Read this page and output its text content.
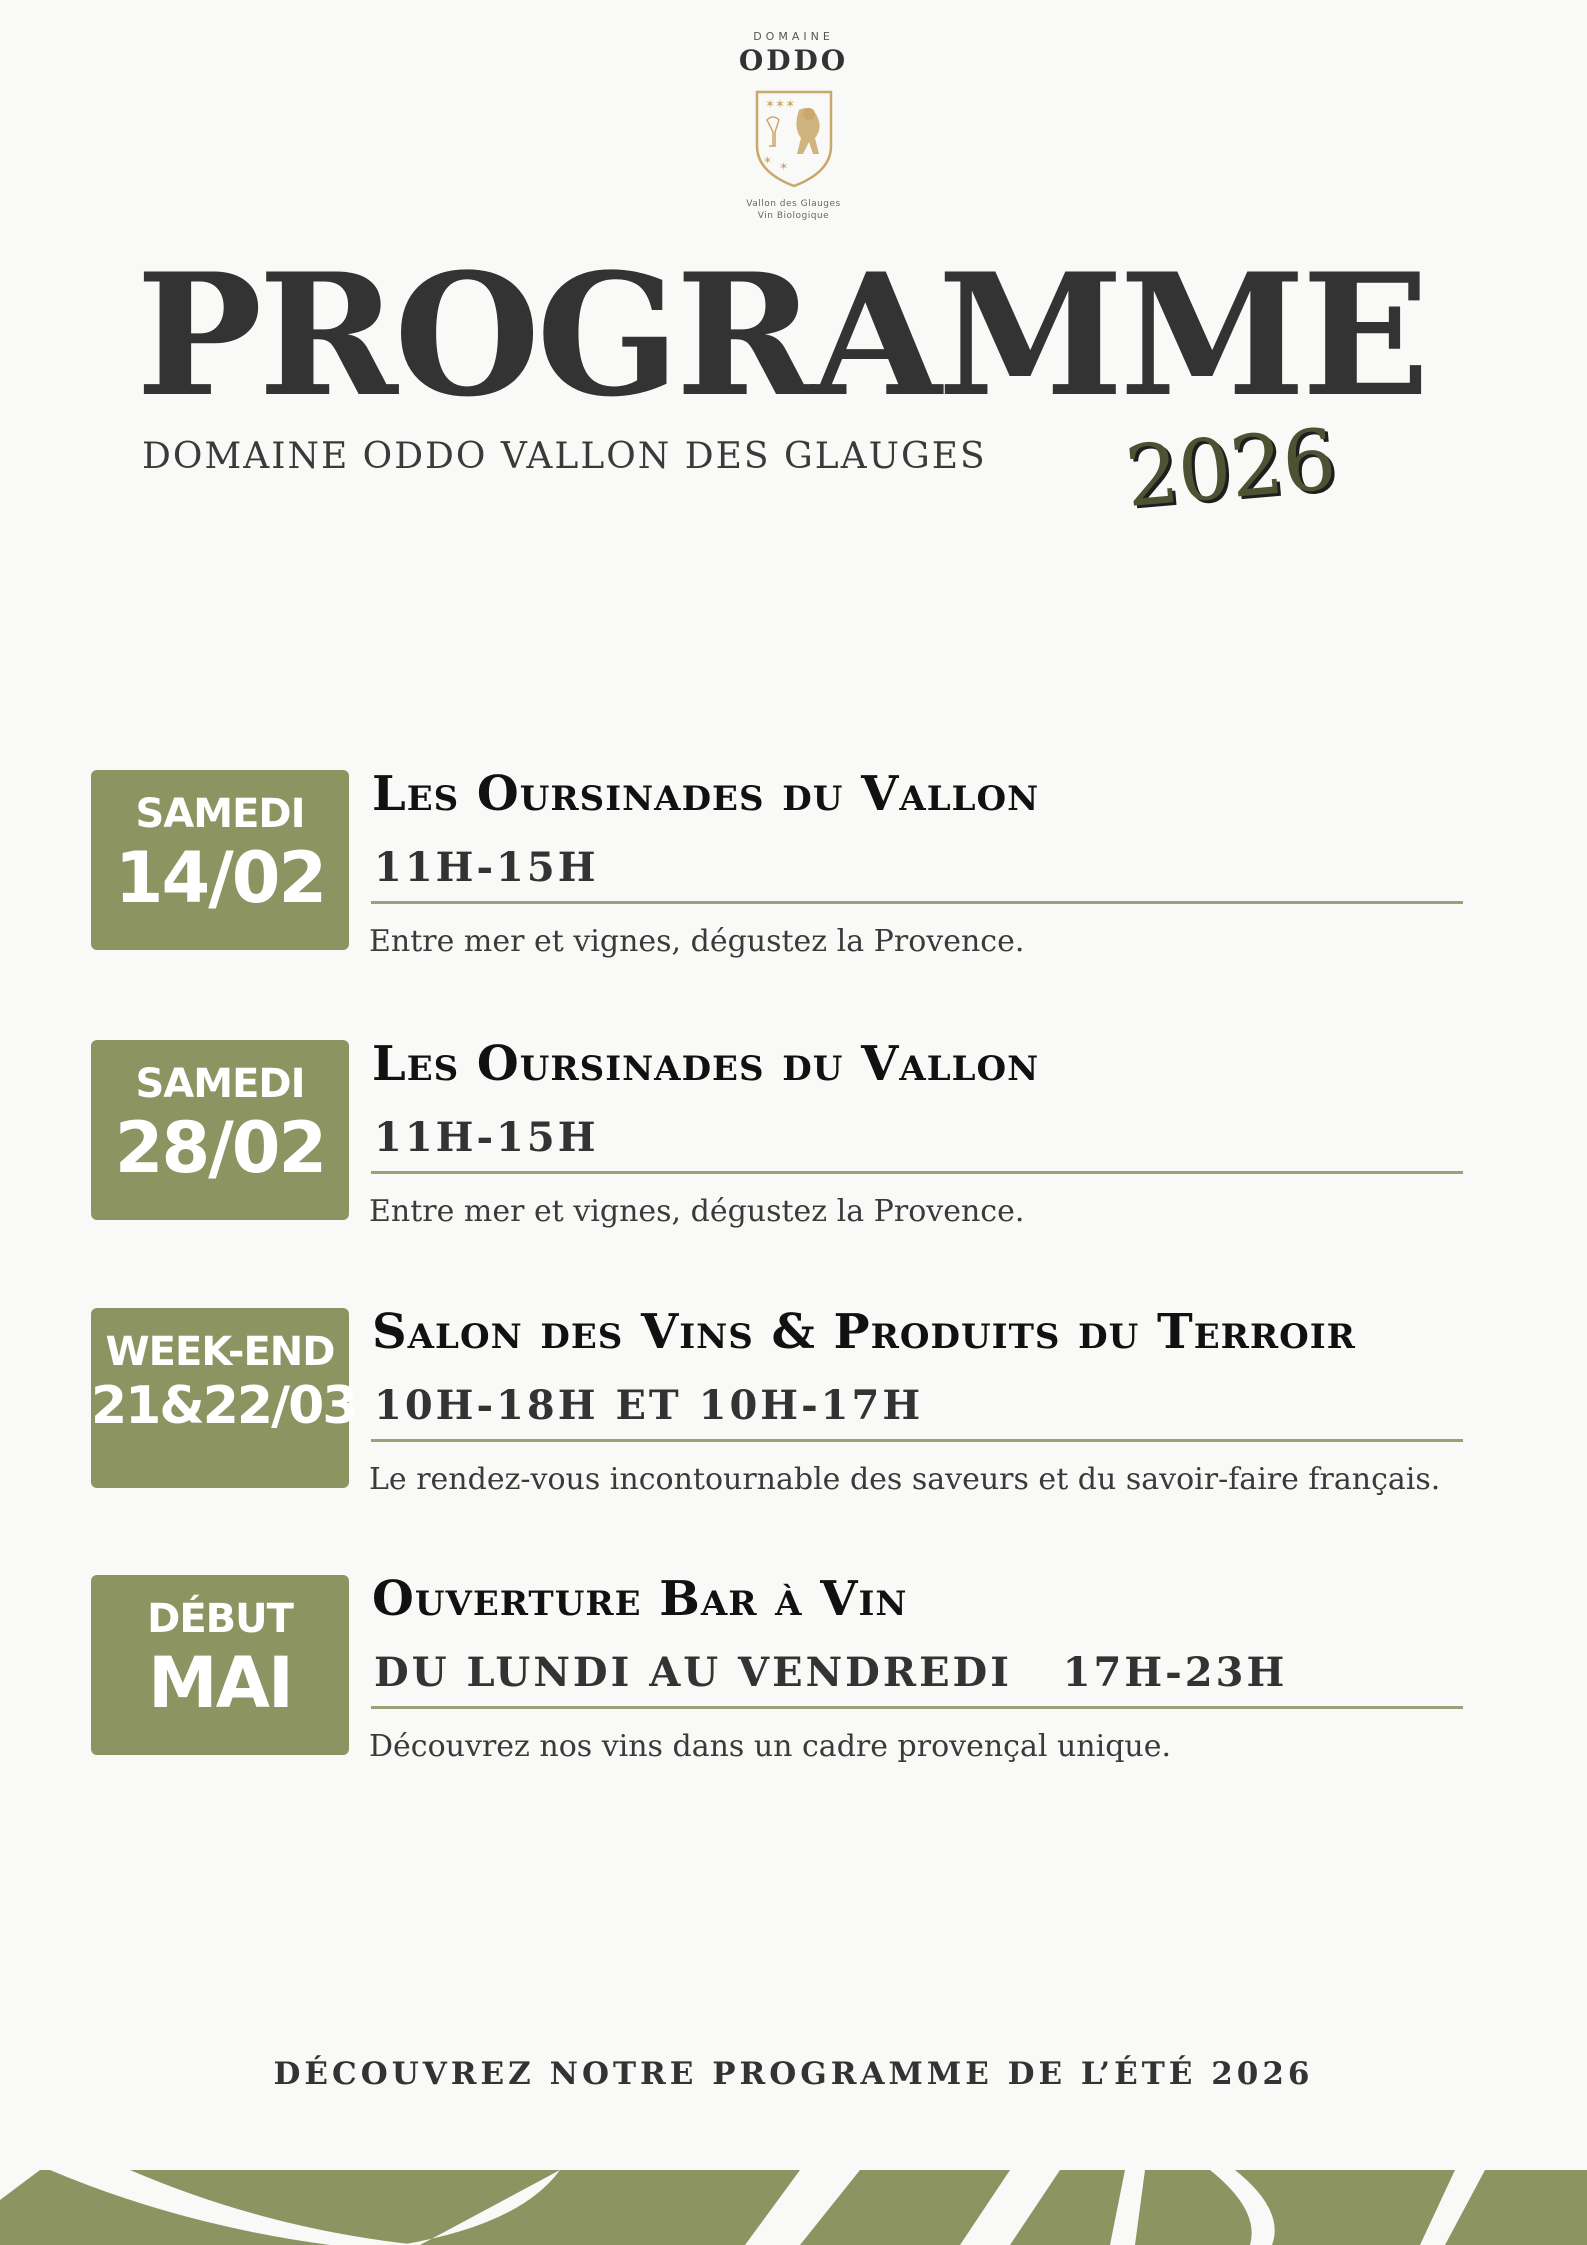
DOMAINE
ODDO
✶✶✶
✶ ✶
Vallon des Glauges
Vin Biologique
PROGRAMME
DOMAINE ODDO VALLON DES GLAUGES 2026
SAMEDI
14/02
Les Oursinades du Vallon
11H-15H
Entre mer et vignes, dégustez la Provence.
SAMEDI
28/02
Les Oursinades du Vallon
11H-15H
Entre mer et vignes, dégustez la Provence.
WEEK-END
21&22/03
Salon des Vins & Produits du Terroir
10H-18H ET 10H-17H
Le rendez-vous incontournable des saveurs et du savoir-faire français.
DÉBUT
MAI
Ouverture Bar à Vin
DU LUNDI AU VENDREDI   17H-23H
Découvrez nos vins dans un cadre provençal unique.
DÉCOUVREZ NOTRE PROGRAMME DE L’ÉTÉ 2026
